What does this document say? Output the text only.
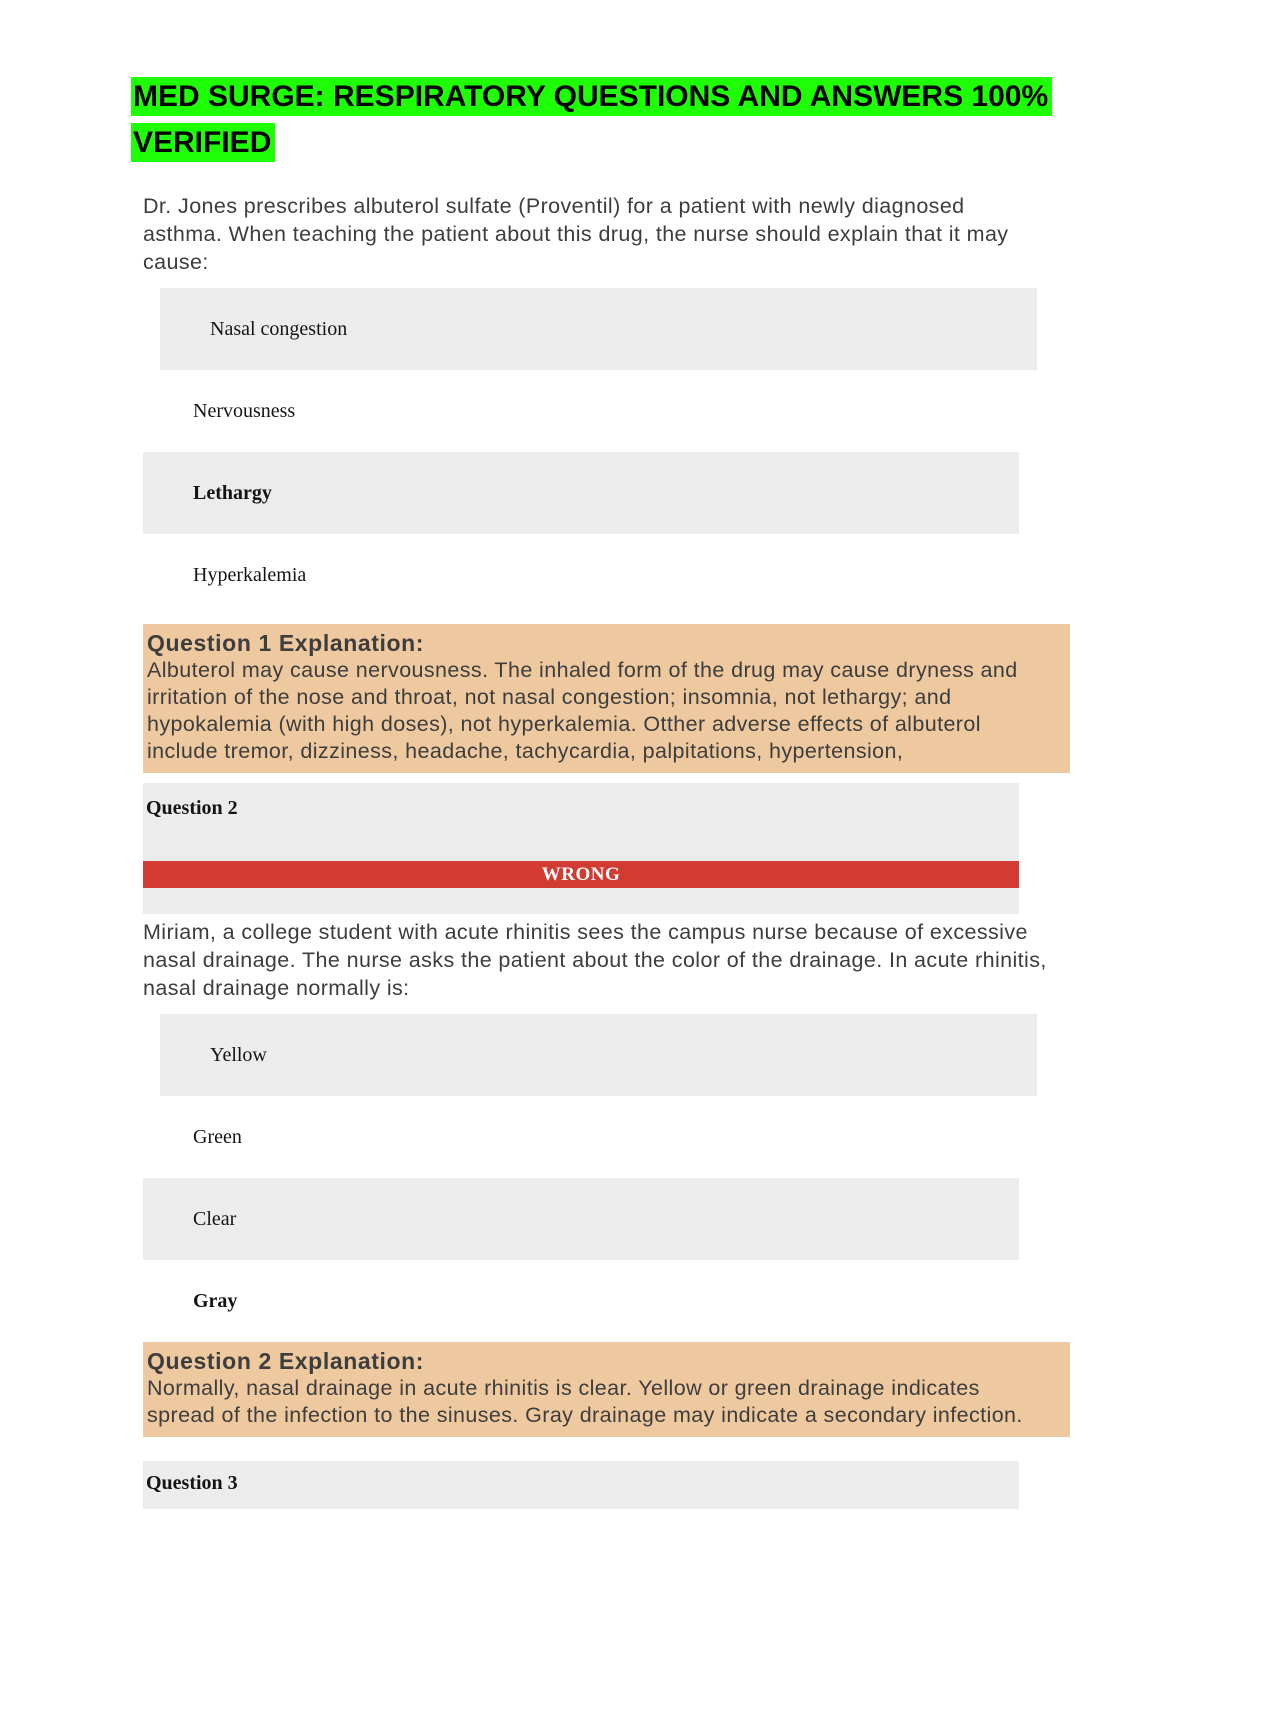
MED SURGE: RESPIRATORY QUESTIONS AND ANSWERS 100% VERIFIED

Dr. Jones prescribes albuterol sulfate (Proventil) for a patient with newly diagnosed asthma. When teaching the patient about this drug, the nurse should explain that it may cause:

Nasal congestion
Nervousness
Lethargy
Hyperkalemia
Question 1 Explanation:
Albuterol may cause nervousness. The inhaled form of the drug may cause dryness and irritation of the nose and throat, not nasal congestion; insomnia, not lethargy; and hypokalemia (with high doses), not hyperkalemia. Otther adverse effects of albuterol include tremor, dizziness, headache, tachycardia, palpitations, hypertension,
Question 2
WRONG

Miriam, a college student with acute rhinitis sees the campus nurse because of excessive nasal drainage. The nurse asks the patient about the color of the drainage. In acute rhinitis, nasal drainage normally is:

Yellow
Green
Clear
Gray
Question 2 Explanation:
Normally, nasal drainage in acute rhinitis is clear. Yellow or green drainage indicates spread of the infection to the sinuses. Gray drainage may indicate a secondary infection.
Question 3
